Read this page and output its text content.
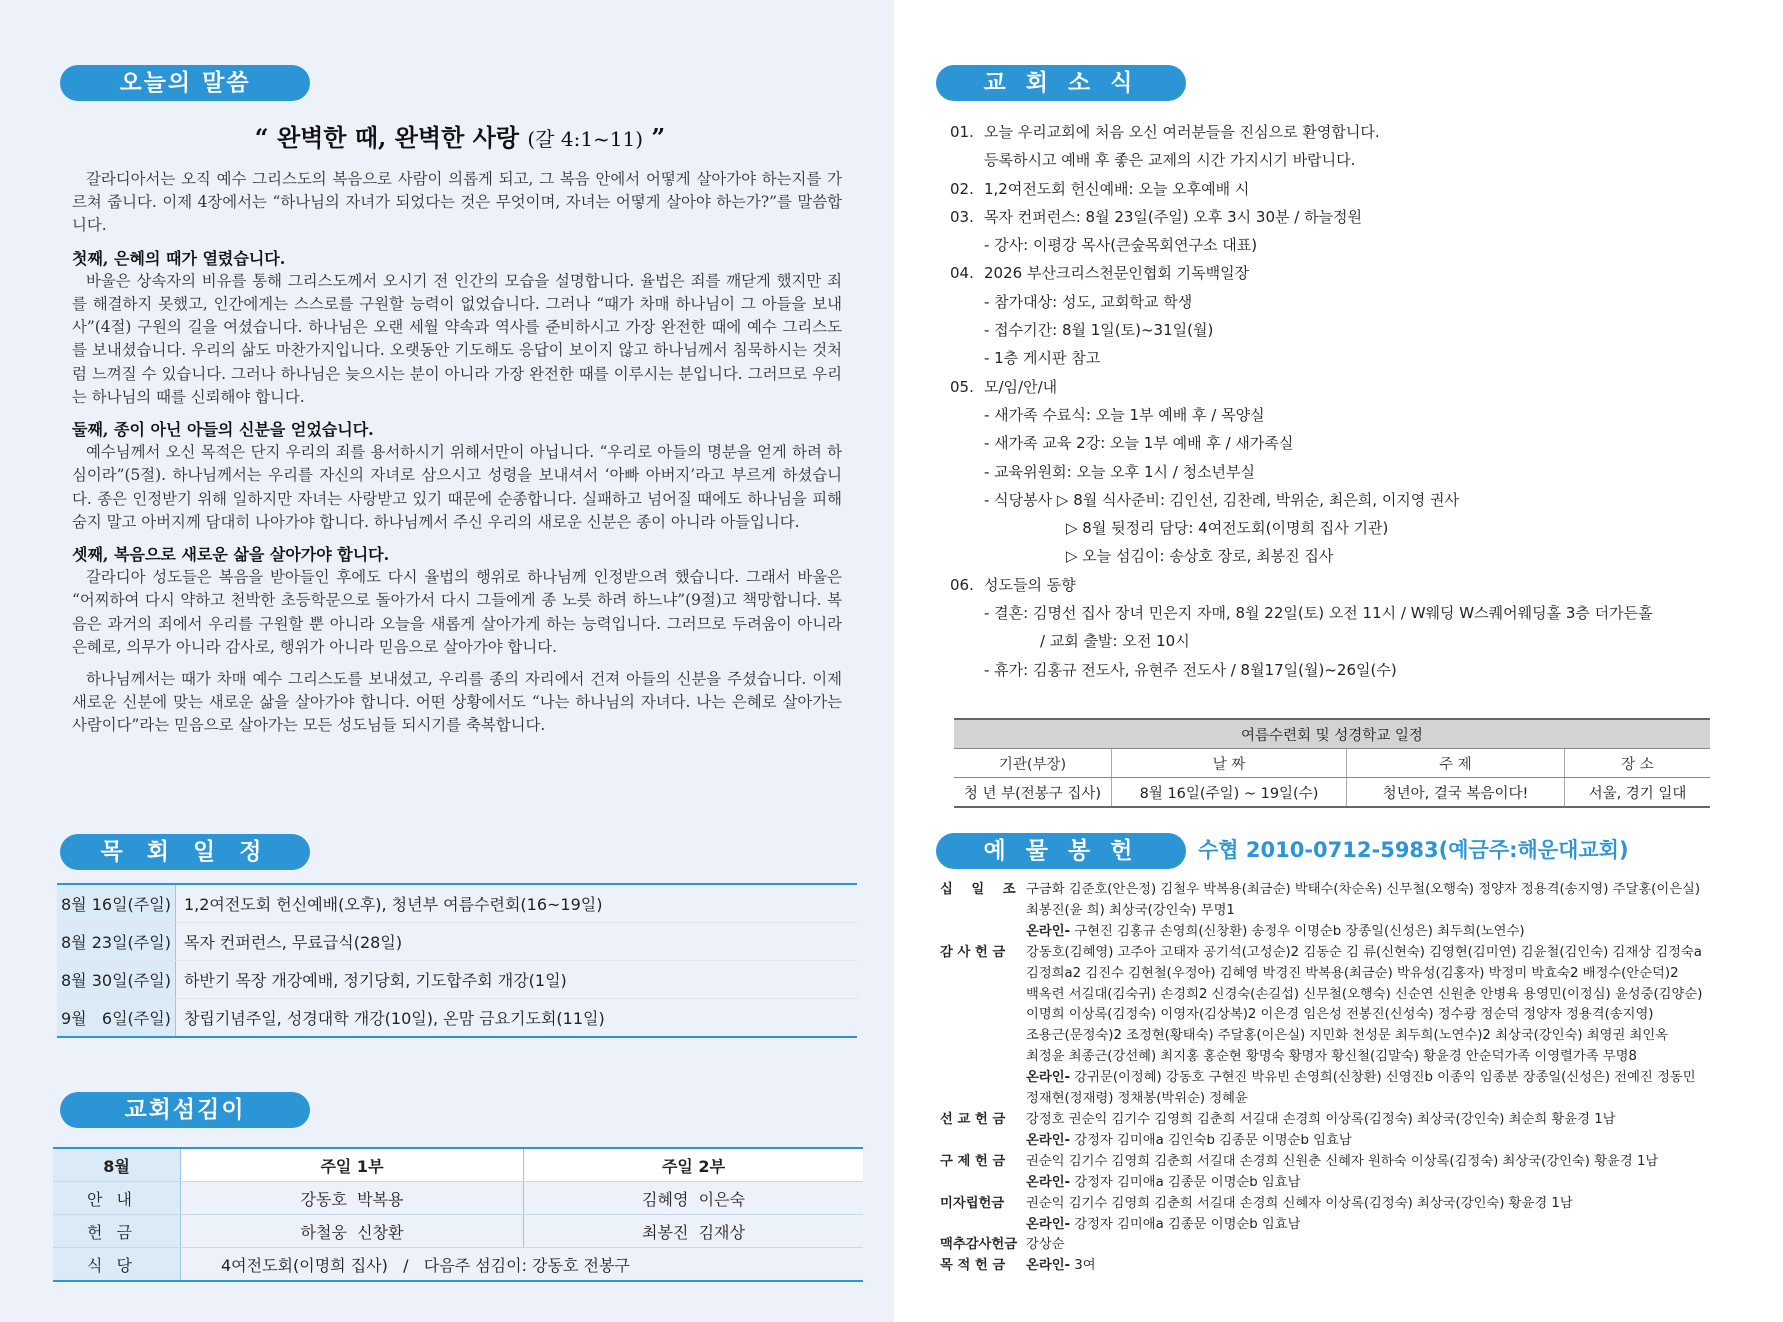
오늘의 말씀
“ 완벽한 때, 완벽한 사랑 (갈 4:1~11) ”

갈라디아서는 오직 예수 그리스도의 복음으로 사람이 의롭게 되고, 그 복음 안에서 어떻게 살아가야 하는지를 가르쳐 줍니다. 이제 4장에서는 “하나님의 자녀가 되었다는 것은 무엇이며, 자녀는 어떻게 살아야 하는가?”를 말씀합니다.

첫째, 은혜의 때가 열렸습니다.

바울은 상속자의 비유를 통해 그리스도께서 오시기 전 인간의 모습을 설명합니다. 율법은 죄를 깨닫게 했지만 죄를 해결하지 못했고, 인간에게는 스스로를 구원할 능력이 없었습니다. 그러나 “때가 차매 하나님이 그 아들을 보내사”(4절) 구원의 길을 여셨습니다. 하나님은 오랜 세월 약속과 역사를 준비하시고 가장 완전한 때에 예수 그리스도를 보내셨습니다. 우리의 삶도 마찬가지입니다. 오랫동안 기도해도 응답이 보이지 않고 하나님께서 침묵하시는 것처럼 느껴질 수 있습니다. 그러나 하나님은 늦으시는 분이 아니라 가장 완전한 때를 이루시는 분입니다. 그러므로 우리는 하나님의 때를 신뢰해야 합니다.

둘째, 종이 아닌 아들의 신분을 얻었습니다.

예수님께서 오신 목적은 단지 우리의 죄를 용서하시기 위해서만이 아닙니다. “우리로 아들의 명분을 얻게 하려 하심이라”(5절). 하나님께서는 우리를 자신의 자녀로 삼으시고 성령을 보내셔서 ‘아빠 아버지’라고 부르게 하셨습니다. 종은 인정받기 위해 일하지만 자녀는 사랑받고 있기 때문에 순종합니다. 실패하고 넘어질 때에도 하나님을 피해 숨지 말고 아버지께 담대히 나아가야 합니다. 하나님께서 주신 우리의 새로운 신분은 종이 아니라 아들입니다.

셋째, 복음으로 새로운 삶을 살아가야 합니다.

갈라디아 성도들은 복음을 받아들인 후에도 다시 율법의 행위로 하나님께 인정받으려 했습니다. 그래서 바울은 “어찌하여 다시 약하고 천박한 초등학문으로 돌아가서 다시 그들에게 종 노릇 하려 하느냐”(9절)고 책망합니다. 복음은 과거의 죄에서 우리를 구원할 뿐 아니라 오늘을 새롭게 살아가게 하는 능력입니다. 그러므로 두려움이 아니라 은혜로, 의무가 아니라 감사로, 행위가 아니라 믿음으로 살아가야 합니다.

하나님께서는 때가 차매 예수 그리스도를 보내셨고, 우리를 종의 자리에서 건져 아들의 신분을 주셨습니다. 이제 새로운 신분에 맞는 새로운 삶을 살아가야 합니다. 어떤 상황에서도 “나는 하나님의 자녀다. 나는 은혜로 살아가는 사람이다”라는 믿음으로 살아가는 모든 성도님들 되시기를 축복합니다.

목 회 일 정
8월 16일(주일)	1,2여전도회 헌신예배(오후), 청년부 여름수련회(16~19일)
8월 23일(주일)	목자 컨퍼런스, 무료급식(28일)
8월 30일(주일)	하반기 목장 개강예배, 정기당회, 기도합주회 개강(1일)
9월   6일(주일)	창립기념주일, 성경대학 개강(10일), 온맘 금요기도회(11일)
교회섬김이
8월	주일 1부	주일 2부
안내	강동호  박복용	김혜영  이은숙
헌금	하철웅  신창환	최봉진  김재상
식당	4여전도회(이명희 집사)   /   다음주 섬김이: 강동호 전봉구	
교 회 소 식
01. 오늘 우리교회에 처음 오신 여러분들을 진심으로 환영합니다.
등록하시고 예배 후 좋은 교제의 시간 가지시기 바랍니다.
02. 1,2여전도회 헌신예배: 오늘 오후예배 시
03. 목자 컨퍼런스: 8월 23일(주일) 오후 3시 30분 / 하늘정원
- 강사: 이평강 목사(큰숲목회연구소 대표)
04. 2026 부산크리스천문인협회 기독백일장
- 참가대상: 성도, 교회학교 학생
- 접수기간: 8월 1일(토)~31일(월)
- 1층 게시판 참고
05. 모/임/안/내
- 새가족 수료식: 오늘 1부 예배 후 / 목양실
- 새가족 교육 2강: 오늘 1부 예배 후 / 새가족실
- 교육위원회: 오늘 오후 1시 / 청소년부실
- 식당봉사 ▷ 8월 식사준비: 김인선, 김찬례, 박위순, 최은희, 이지영 권사
▷ 8월 뒷정리 담당: 4여전도회(이명희 집사 기관)
▷ 오늘 섬김이: 송상호 장로, 최봉진 집사
06. 성도들의 동향
- 결혼: 김명선 집사 장녀 민은지 자매, 8월 22일(토) 오전 11시 / W웨딩 W스퀘어웨딩홀 3층 더가든홀
/ 교회 출발: 오전 10시
- 휴가: 김홍규 전도사, 유현주 전도사 / 8월17일(월)~26일(수)
여름수련회 및 성경학교 일정			
기관(부장)	날 짜	주 제	장 소
청 년 부(전봉구 집사)	8월 16일(주일) ~ 19일(수)	청년아, 결국 복음이다!	서울, 경기 일대
예 물 봉 헌	수협 2010-0712-5983(예금주:해운대교회)
십    일    조 구금화 김준호(안은정) 김철우 박복용(최금순) 박태수(차순옥) 신무철(오행숙) 정양자 정용격(송지영) 주달홍(이은실)
최봉진(윤 희) 최상국(강인숙) 무명1
온라인- 구현진 김홍규 손영희(신창환) 송정우 이명순b 장종일(신성은) 최두희(노연수)
감 사 헌 금	강동호(김혜영) 고주아 고태자 공기석(고성순)2 김동순 김 류(신현숙) 김영현(김미연) 김윤철(김인숙) 김재상 김정숙a
김정희a2 김진수 김현철(우정아) 김혜영 박경진 박복용(최금순) 박유성(김홍자) 박정미 박효숙2 배정수(안순덕)2
백옥련 서길대(김숙귀) 손경희2 신경숙(손길섭) 신무철(오행숙) 신순연 신원춘 안병육 용영민(이정심) 윤성중(김양순)
이명희 이상록(김정숙) 이영자(김상복)2 이은경 임은성 전봉진(신성숙) 정수광 정순덕 정양자 정용격(송지영)
조용근(문정숙)2 조정현(황태숙) 주달홍(이은실) 지민화 천성문 최두희(노연수)2 최상국(강인숙) 최영권 최인옥
최정윤 최종근(강선혜) 최지홍 홍순현 황명숙 황명자 황신철(김말숙) 황윤경 안순덕가족 이영렬가족 무명8
온라인- 강귀문(이정혜) 강동호 구현진 박유빈 손영희(신창환) 신영진b 이종익 임종분 장종일(신성은) 전예진 정동민
정재현(정재령) 정채봉(박위순) 정혜윤
선 교 헌 금	강정호 권순익 김기수 김영희 김춘희 서길대 손경희 이상록(김정숙) 최상국(강인숙) 최순희 황윤경 1남
온라인- 강정자 김미애a 김인숙b 김종문 이명순b 임효남
구 제 헌 금	권순익 김기수 김영희 김춘희 서길대 손경희 신원춘 신혜자 원하숙 이상록(김정숙) 최상국(강인숙) 황윤경 1남
온라인- 강정자 김미애a 김종문 이명순b 임효남
미자립헌금	권순익 김기수 김영희 김춘희 서길대 손경희 신혜자 이상록(김정숙) 최상국(강인숙) 황윤경 1남
온라인- 강정자 김미애a 김종문 이명순b 임효남
맥추감사헌금 강상순
목 적 헌 금	온라인- 3여
